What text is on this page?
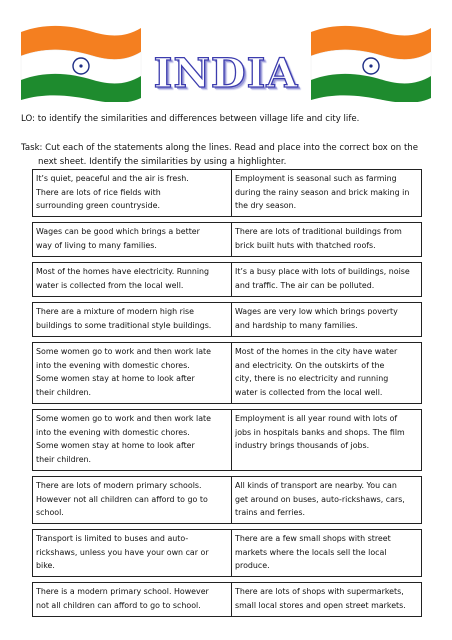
INDIA
LO: to identify the similarities and differences between village life and city life.
Task: Cut each of the statements along the lines. Read and place into the correct box on the
next sheet. Identify the similarities by using a highlighter.
It’s quiet, peaceful and the air is fresh.
There are lots of rice fields with
surrounding green countryside.	Employment is seasonal such as farming
during the rainy season and brick making in
the dry season.

Wages can be good which brings a better
way of living to many families.	There are lots of traditional buildings from
brick built huts with thatched roofs.

Most of the homes have electricity. Running
water is collected from the local well.	It’s a busy place with lots of buildings, noise
and traffic. The air can be polluted.

There are a mixture of modern high rise
buildings to some traditional style buildings.	Wages are very low which brings poverty
and hardship to many families.

Some women go to work and then work late
into the evening with domestic chores.
Some women stay at home to look after
their children.	Most of the homes in the city have water
and electricity. On the outskirts of the
city, there is no electricity and running
water is collected from the local well.

Some women go to work and then work late
into the evening with domestic chores.
Some women stay at home to look after
their children.	Employment is all year round with lots of
jobs in hospitals banks and shops. The film
industry brings thousands of jobs.

There are lots of modern primary schools.
However not all children can afford to go to
school.	All kinds of transport are nearby. You can
get around on buses, auto-rickshaws, cars,
trains and ferries.

Transport is limited to buses and auto-
rickshaws, unless you have your own car or
bike.	There are a few small shops with street
markets where the locals sell the local
produce.

There is a modern primary school. However
not all children can afford to go to school.	There are lots of shops with supermarkets,
small local stores and open street markets.
